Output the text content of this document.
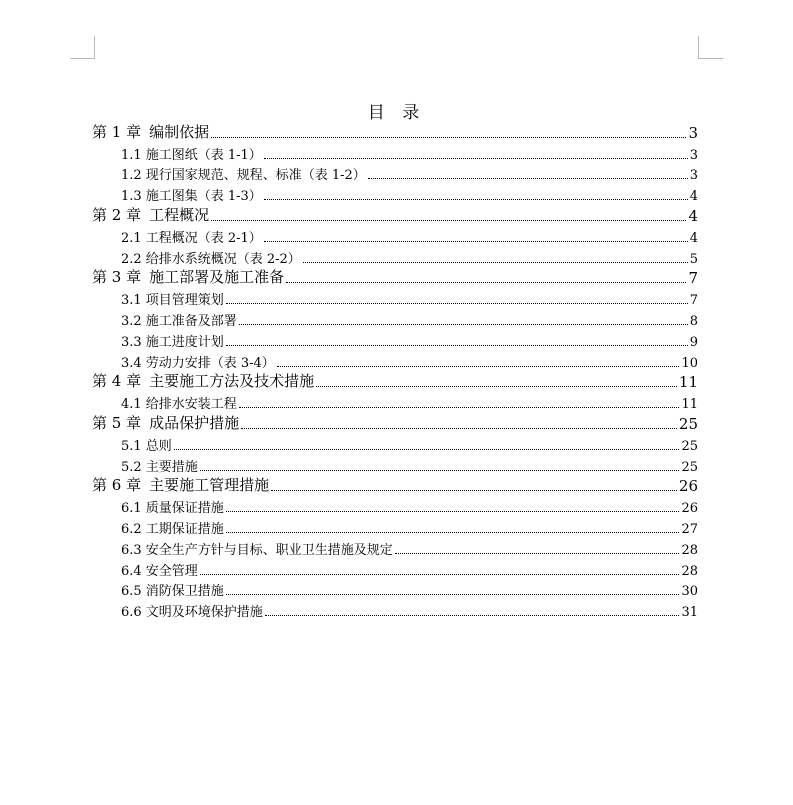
目 录
第 1 章 编制依据	3
1.1 施工图纸（表 1-1）	3
1.2 现行国家规范、规程、标准（表 1-2）	3
1.3 施工图集（表 1-3）	4
第 2 章 工程概况	4
2.1 工程概况（表 2-1）	4
2.2 给排水系统概况（表 2-2）	5
第 3 章 施工部署及施工准备	7
3.1 项目管理策划	7
3.2 施工准备及部署	8
3.3 施工进度计划	9
3.4 劳动力安排（表 3-4）	10
第 4 章 主要施工方法及技术措施	11
4.1 给排水安装工程	11
第 5 章 成品保护措施	25
5.1 总则	25
5.2 主要措施	25
第 6 章 主要施工管理措施	26
6.1 质量保证措施	26
6.2 工期保证措施	27
6.3 安全生产方针与目标、职业卫生措施及规定	28
6.4 安全管理	28
6.5 消防保卫措施	30
6.6 文明及环境保护措施	31
